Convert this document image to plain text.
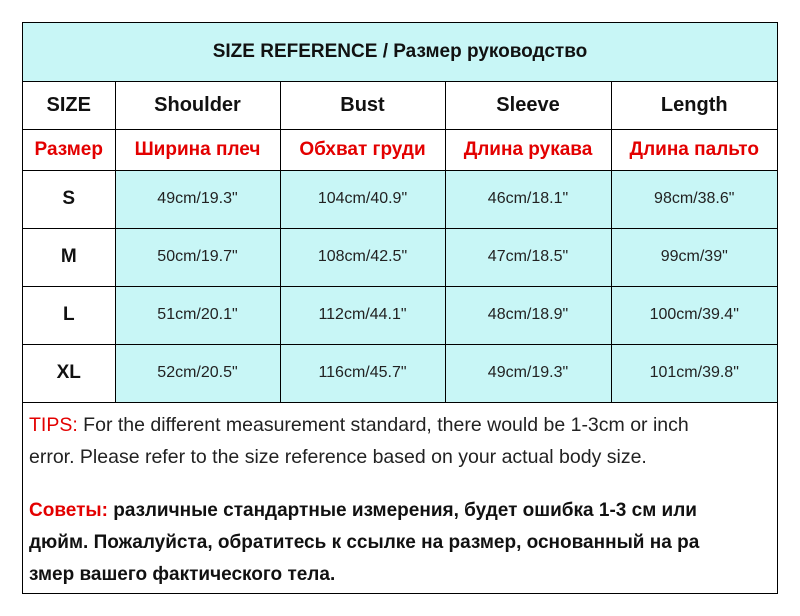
SIZE REFERENCE / Размер руководство
SIZE	Shoulder	Bust	Sleeve	Length
Размер	Ширина плеч	Обхват груди	Длина рукава	Длина пальто
S	49cm/19.3"	104cm/40.9"	46cm/18.1"	98cm/38.6"
M	50cm/19.7"	108cm/42.5"	47cm/18.5"	99cm/39"
L	51cm/20.1"	112cm/44.1"	48cm/18.9"	100cm/39.4"
XL	52cm/20.5"	116cm/45.7"	49cm/19.3"	101cm/39.8"

TIPS: For the different measurement standard, there would be 1-3cm or inch
error. Please refer to the size reference based on your actual body size.

Советы: различные стандартные измерения, будет ошибка 1-3 см или
дюйм. Пожалуйста, обратитесь к ссылке на размер, основанный на ра
змер вашего фактического тела.
